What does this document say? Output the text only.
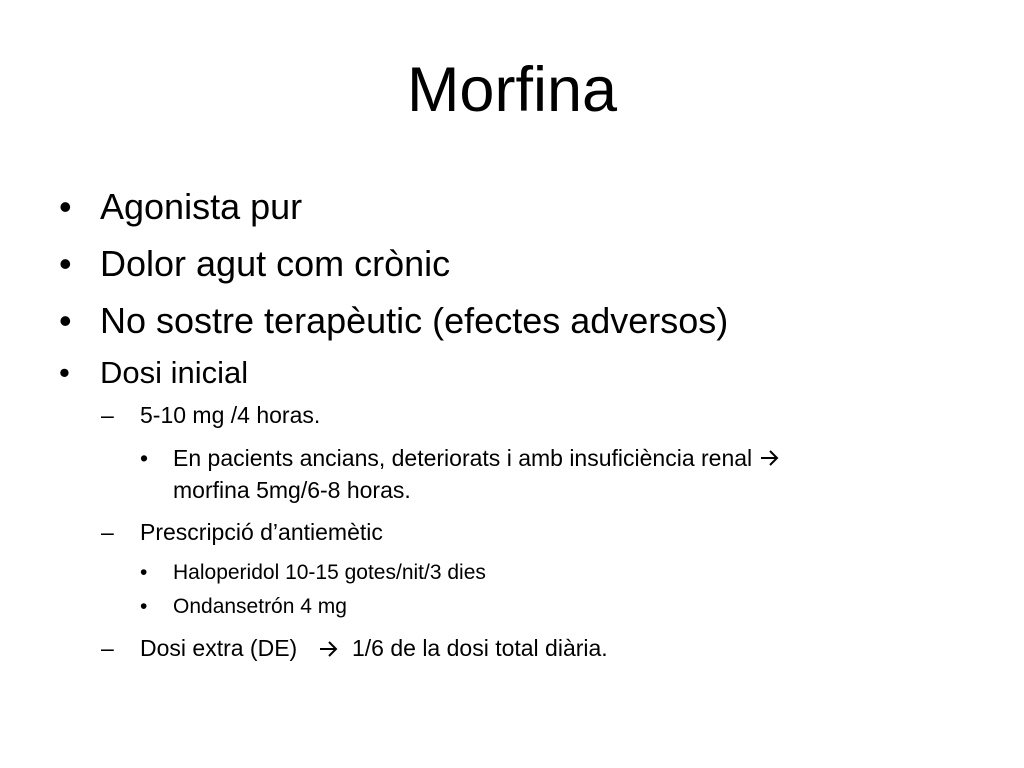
Morfina
• Agonista pur
• Dolor agut com crònic
• No sostre terapèutic (efectes adversos)
• Dosi inicial
– 5-10 mg /4 horas.
• En pacients ancians, deteriorats i amb insuficiència renal
morfina 5mg/6-8 horas.
– Prescripció d’antiemètic
• Haloperidol 10-15 gotes/nit/3 dies
• Ondansetrón 4 mg
– Dosi extra (DE) 1/6 de la dosi total diària.
